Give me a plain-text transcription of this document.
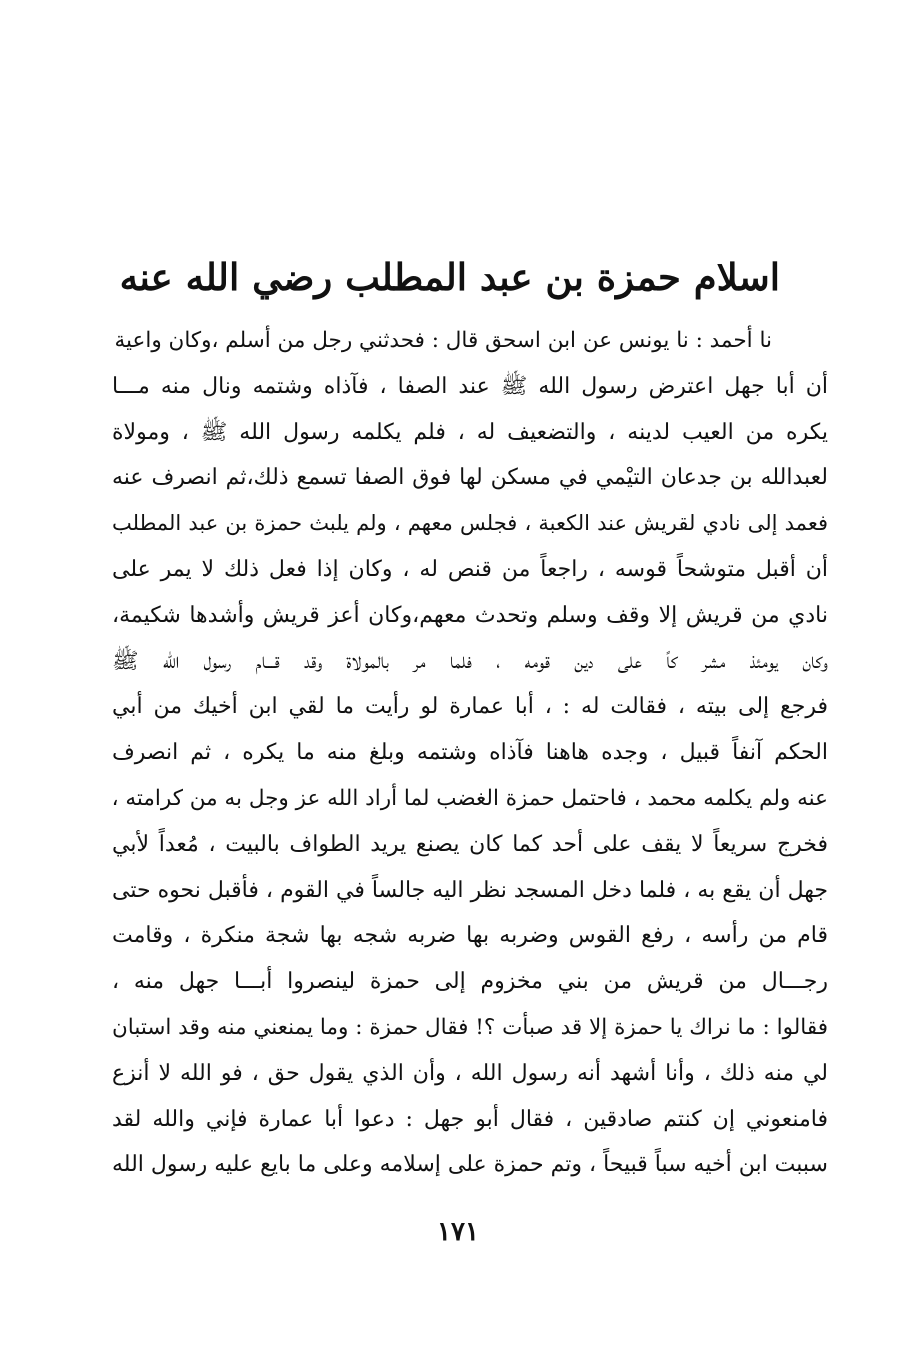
اسلام حمزة بن عبد المطلب رضي الله عنه
نا أحمد : نا يونس عن ابن اسحق قال : فحدثني رجل من أسلم ،وكان واعية
أن أبا جهل اعترض رسول الله ﷺ عند الصفا ، فآذاه وشتمه ونال منه مـــا
يكره من العيب لدينه ، والتضعيف له ، فلم يكلمه رسول الله ﷺ ، ومولاة
لعبدالله بن جدعان التيْمي في مسكن لها فوق الصفا تسمع ذلك،ثم انصرف عنه
فعمد إلى نادي لقريش عند الكعبة ، فجلس معهم ، ولم يلبث حمزة بن عبد المطلب
أن أقبل متوشحاً قوسه ، راجعاً من قنص له ، وكان إذا فعل ذلك لا يمر على
نادي من قريش إلا وقف وسلم وتحدث معهم،وكان أعز قريش وأشدها شكيمة،
وكان يومئذ مشر كاً على دين قومه ، فلما مر بالمولاة وقد قـــام رسول الله ﷺ
فرجع إلى بيته ، فقالت له : ، أبا عمارة لو رأيت ما لقي ابن أخيك من أبي
الحكم آنفاً قبيل ، وجده هاهنا فآذاه وشتمه وبلغ منه ما يكره ، ثم انصرف
عنه ولم يكلمه محمد ، فاحتمل حمزة الغضب لما أراد الله عز وجل به من كرامته ،
فخرج سريعاً لا يقف على أحد كما كان يصنع يريد الطواف بالبيت ، مُعداً لأبي
جهل أن يقع به ، فلما دخل المسجد نظر اليه جالساً في القوم ، فأقبل نحوه حتى
قام من رأسه ، رفع القوس وضربه بها ضربه شجه بها شجة منكرة ، وقامت
رجـــال من قريش من بني مخزوم إلى حمزة لينصروا أبـــا جهل منه ،
فقالوا : ما نراك يا حمزة إلا قد صبأت ؟! فقال حمزة : وما يمنعني منه وقد استبان
لي منه ذلك ، وأنا أشهد أنه رسول الله ، وأن الذي يقول حق ، فو الله لا أنزع
فامنعوني إن كنتم صادقين ، فقال أبو جهل : دعوا أبا عمارة فإني والله لقد
سببت ابن أخيه سباً قبيحاً ، وتم حمزة على إسلامه وعلى ما بايع عليه رسول الله
١٧١
